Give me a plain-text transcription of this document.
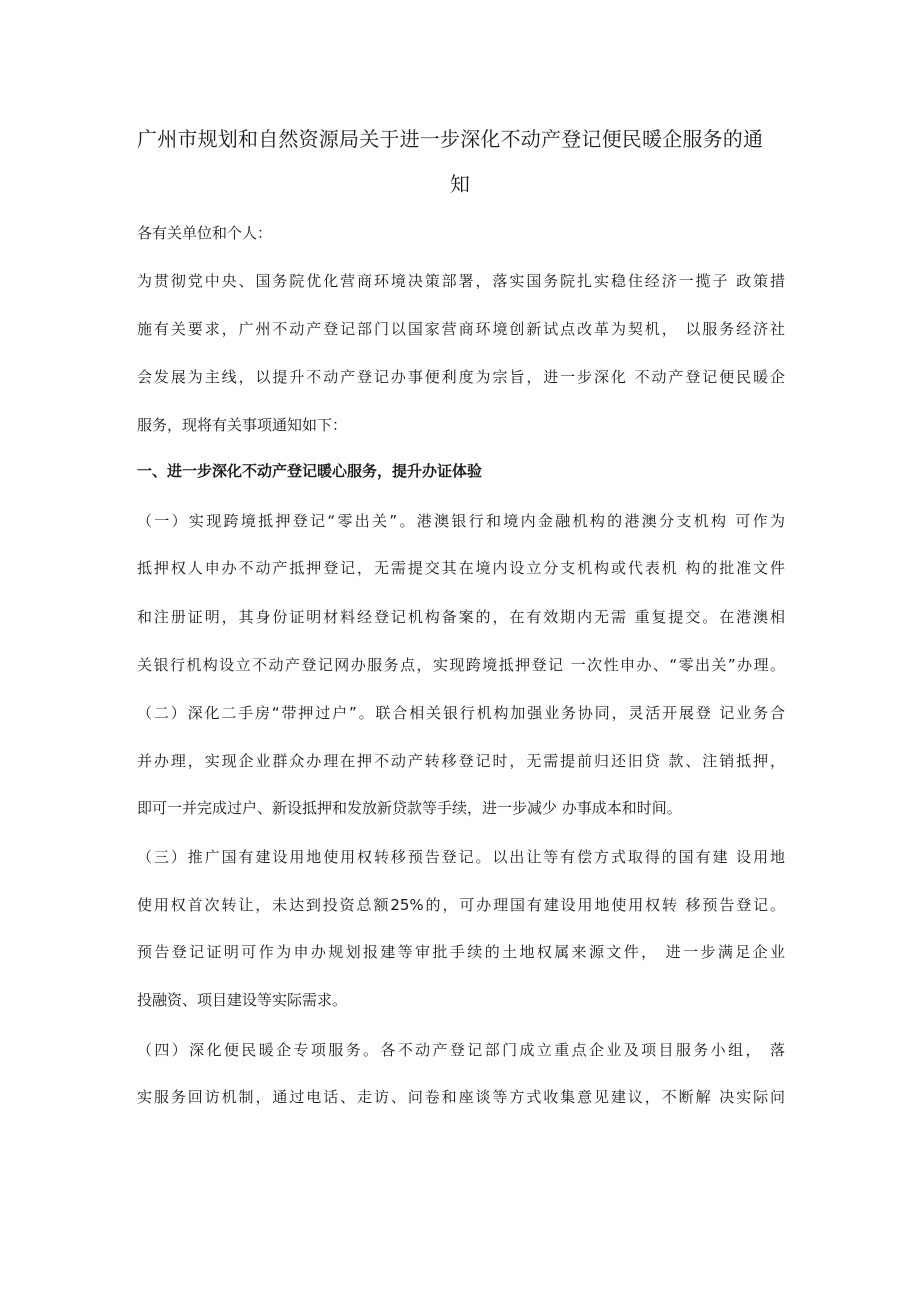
广州市规划和自然资源局关于进一步深化不动产登记便民暖企服务的通
知
各有关单位和个人：
为贯彻党中央、国务院优化营商环境决策部署，落实国务院扎实稳住经济一揽子 政策措
施有关要求，广州不动产登记部门以国家营商环境创新试点改革为契机， 以服务经济社
会发展为主线，以提升不动产登记办事便利度为宗旨，进一步深化 不动产登记便民暖企
服务，现将有关事项通知如下：
一、进一步深化不动产登记暖心服务，提升办证体验
（一）实现跨境抵押登记“零出关”。港澳银行和境内金融机构的港澳分支机构 可作为
抵押权人申办不动产抵押登记，无需提交其在境内设立分支机构或代表机 构的批准文件
和注册证明，其身份证明材料经登记机构备案的，在有效期内无需 重复提交。在港澳相
关银行机构设立不动产登记网办服务点，实现跨境抵押登记 一次性申办、“零出关”办理。
（二）深化二手房“带押过户”。联合相关银行机构加强业务协同，灵活开展登 记业务合
并办理，实现企业群众办理在押不动产转移登记时，无需提前归还旧贷 款、注销抵押，
即可一并完成过户、新设抵押和发放新贷款等手续，进一步减少 办事成本和时间。
（三）推广国有建设用地使用权转移预告登记。以出让等有偿方式取得的国有建 设用地
使用权首次转让，未达到投资总额25%的，可办理国有建设用地使用权转 移预告登记。
预告登记证明可作为申办规划报建等审批手续的土地权属来源文件， 进一步满足企业
投融资、项目建设等实际需求。
（四）深化便民暖企专项服务。各不动产登记部门成立重点企业及项目服务小组， 落
实服务回访机制，通过电话、走访、问卷和座谈等方式收集意见建议，不断解 决实际问
